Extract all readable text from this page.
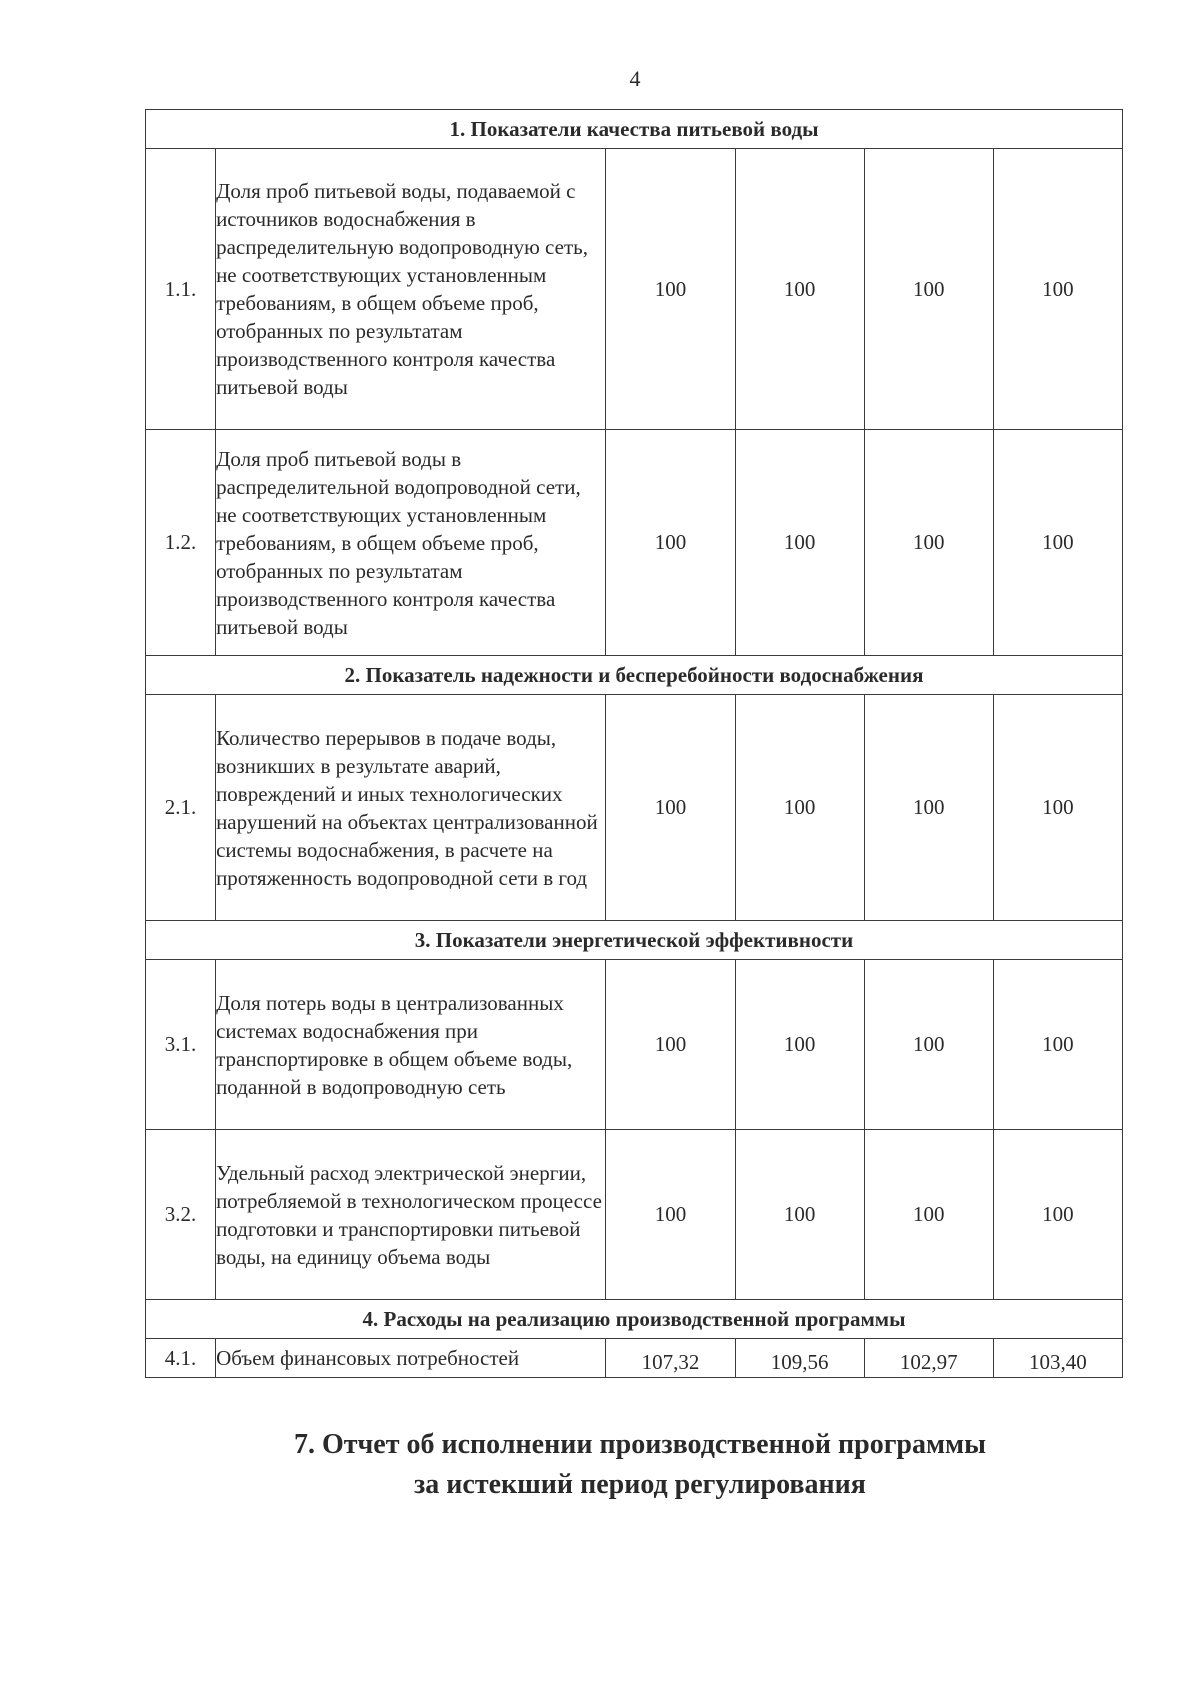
4
1. Показатели качества питьевой воды					
1.1.	Доля проб питьевой воды, подаваемой с источников водоснабжения в распределительную водопроводную сеть, не соответствующих установленным требованиям, в общем объеме проб, отобранных по результатам производственного контроля качества питьевой воды	100	100	100	100
1.2.	Доля проб питьевой воды в распределительной водопроводной сети, не соответствующих установленным требованиям, в общем объеме проб, отобранных по результатам производственного контроля качества питьевой воды	100	100	100	100
2. Показатель надежности и бесперебойности водоснабжения					
2.1.	Количество перерывов в подаче воды, возникших в результате аварий, повреждений и иных технологических нарушений на объектах централизованной системы водоснабжения, в расчете на протяженность водопроводной сети в год	100	100	100	100
3. Показатели энергетической эффективности					
3.1.	Доля потерь воды в централизованных системах водоснабжения при транспортировке в общем объеме воды, поданной в водопроводную сеть	100	100	100	100
3.2.	Удельный расход электрической энергии, потребляемой в технологическом процессе подготовки и транспортировки питьевой воды, на единицу объема воды	100	100	100	100
4. Расходы на реализацию производственной программы					
4.1.	Объем финансовых потребностей	107,32	109,56	102,97	103,40
7. Отчет об исполнении производственной программы
за истекший период регулирования
